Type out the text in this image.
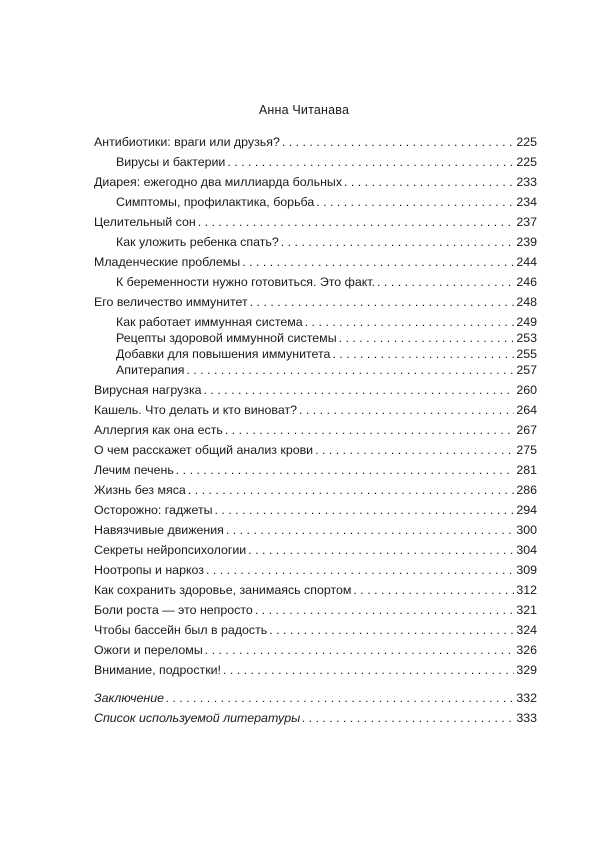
Анна Читанава
Антибиотики: враги или друзья? . . .	225
Вирусы и бактерии . . .	225
Диарея: ежегодно два миллиарда больных . . .	233
Симптомы, профилактика, борьба . . .	234
Целительный сон . . .	237
Как уложить ребенка спать? . . .	239
Младенческие проблемы . . .	244
К беременности нужно готовиться. Это факт. . . .	246
Его величество иммунитет . . .	248
Как работает иммунная система . . .	249
Рецепты здоровой иммунной системы . . .	253
Добавки для повышения иммунитета . . .	255
Апитерапия . . .	257
Вирусная нагрузка . . .	260
Кашель. Что делать и кто виноват? . . .	264
Аллергия как она есть . . .	267
О чем расскажет общий анализ крови . . .	275
Лечим печень . . .	281
Жизнь без мяса . . .	286
Осторожно: гаджеты . . .	294
Навязчивые движения . . .	300
Секреты нейропсихологии . . .	304
Ноотропы и наркоз . . .	309
Как сохранить здоровье, занимаясь спортом . . .	312
Боли роста — это непросто . . .	321
Чтобы бассейн был в радость . . .	324
Ожоги и переломы . . .	326
Внимание, подростки! . . .	329
Заключение . . .	332
Список используемой литературы . . .	333
